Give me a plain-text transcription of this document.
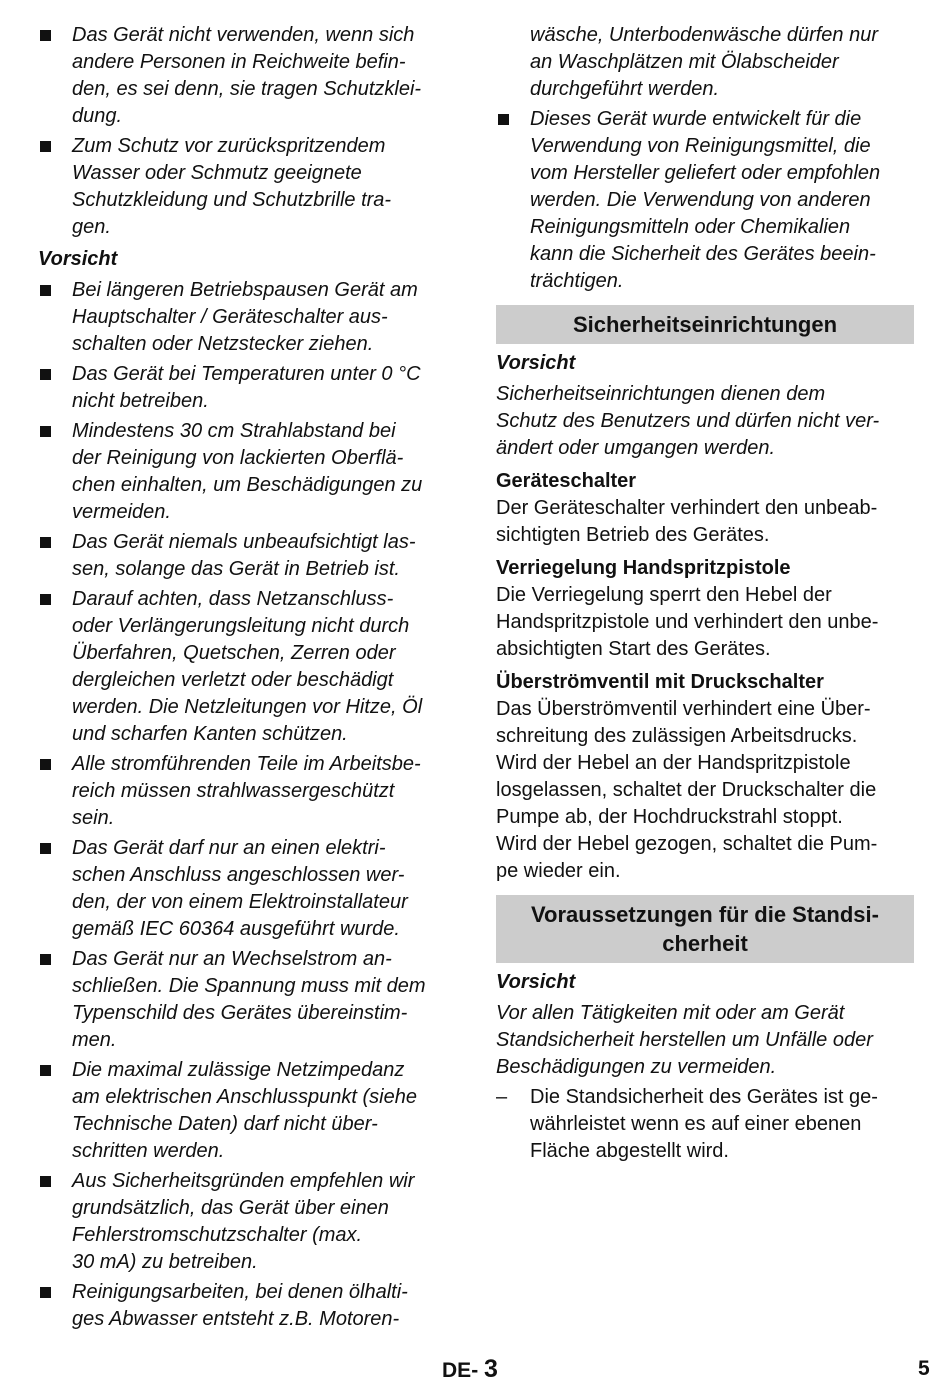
Das Gerät nicht verwenden, wenn sich
andere Personen in Reichweite befin-
den, es sei denn, sie tragen Schutzklei-
dung.
Zum Schutz vor zurückspritzendem
Wasser oder Schmutz geeignete
Schutzkleidung und Schutzbrille tra-
gen.
Vorsicht
Bei längeren Betriebspausen Gerät am
Hauptschalter / Geräteschalter aus-
schalten oder Netzstecker ziehen.
Das Gerät bei Temperaturen unter 0 °C
nicht betreiben.
Mindestens 30 cm Strahlabstand bei
der Reinigung von lackierten Oberflä-
chen einhalten, um Beschädigungen zu
vermeiden.
Das Gerät niemals unbeaufsichtigt las-
sen, solange das Gerät in Betrieb ist.
Darauf achten, dass Netzanschluss-
oder Verlängerungsleitung nicht durch
Überfahren, Quetschen, Zerren oder
dergleichen verletzt oder beschädigt
werden. Die Netzleitungen vor Hitze, Öl
und scharfen Kanten schützen.
Alle stromführenden Teile im Arbeitsbe-
reich müssen strahlwassergeschützt
sein.
Das Gerät darf nur an einen elektri-
schen Anschluss angeschlossen wer-
den, der von einem Elektroinstallateur
gemäß IEC 60364 ausgeführt wurde.
Das Gerät nur an Wechselstrom an-
schließen. Die Spannung muss mit dem
Typenschild des Gerätes übereinstim-
men.
Die maximal zulässige Netzimpedanz
am elektrischen Anschlusspunkt (siehe
Technische Daten) darf nicht über-
schritten werden.
Aus Sicherheitsgründen empfehlen wir
grundsätzlich, das Gerät über einen
Fehlerstromschutzschalter (max.
30 mA) zu betreiben.
Reinigungsarbeiten, bei denen ölhalti-
ges Abwasser entsteht z.B. Motoren-
wäsche, Unterbodenwäsche dürfen nur
an Waschplätzen mit Ölabscheider
durchgeführt werden.
Dieses Gerät wurde entwickelt für die
Verwendung von Reinigungsmittel, die
vom Hersteller geliefert oder empfohlen
werden. Die Verwendung von anderen
Reinigungsmitteln oder Chemikalien
kann die Sicherheit des Gerätes beein-
trächtigen.
Sicherheitseinrichtungen
Vorsicht
Sicherheitseinrichtungen dienen dem
Schutz des Benutzers und dürfen nicht ver-
ändert oder umgangen werden.
Geräteschalter
Der Geräteschalter verhindert den unbeab-
sichtigten Betrieb des Gerätes.
Verriegelung Handspritzpistole
Die Verriegelung sperrt den Hebel der
Handspritzpistole und verhindert den unbe-
absichtigten Start des Gerätes.
Überströmventil mit Druckschalter
Das Überströmventil verhindert eine Über-
schreitung des zulässigen Arbeitsdrucks.
Wird der Hebel an der Handspritzpistole
losgelassen, schaltet der Druckschalter die
Pumpe ab, der Hochdruckstrahl stoppt.
Wird der Hebel gezogen, schaltet die Pum-
pe wieder ein.
Voraussetzungen für die Standsi-
cherheit
Vorsicht
Vor allen Tätigkeiten mit oder am Gerät
Standsicherheit herstellen um Unfälle oder
Beschädigungen zu vermeiden.
– Die Standsicherheit des Gerätes ist ge-
währleistet wenn es auf einer ebenen
Fläche abgestellt wird.
DE- 3	5
